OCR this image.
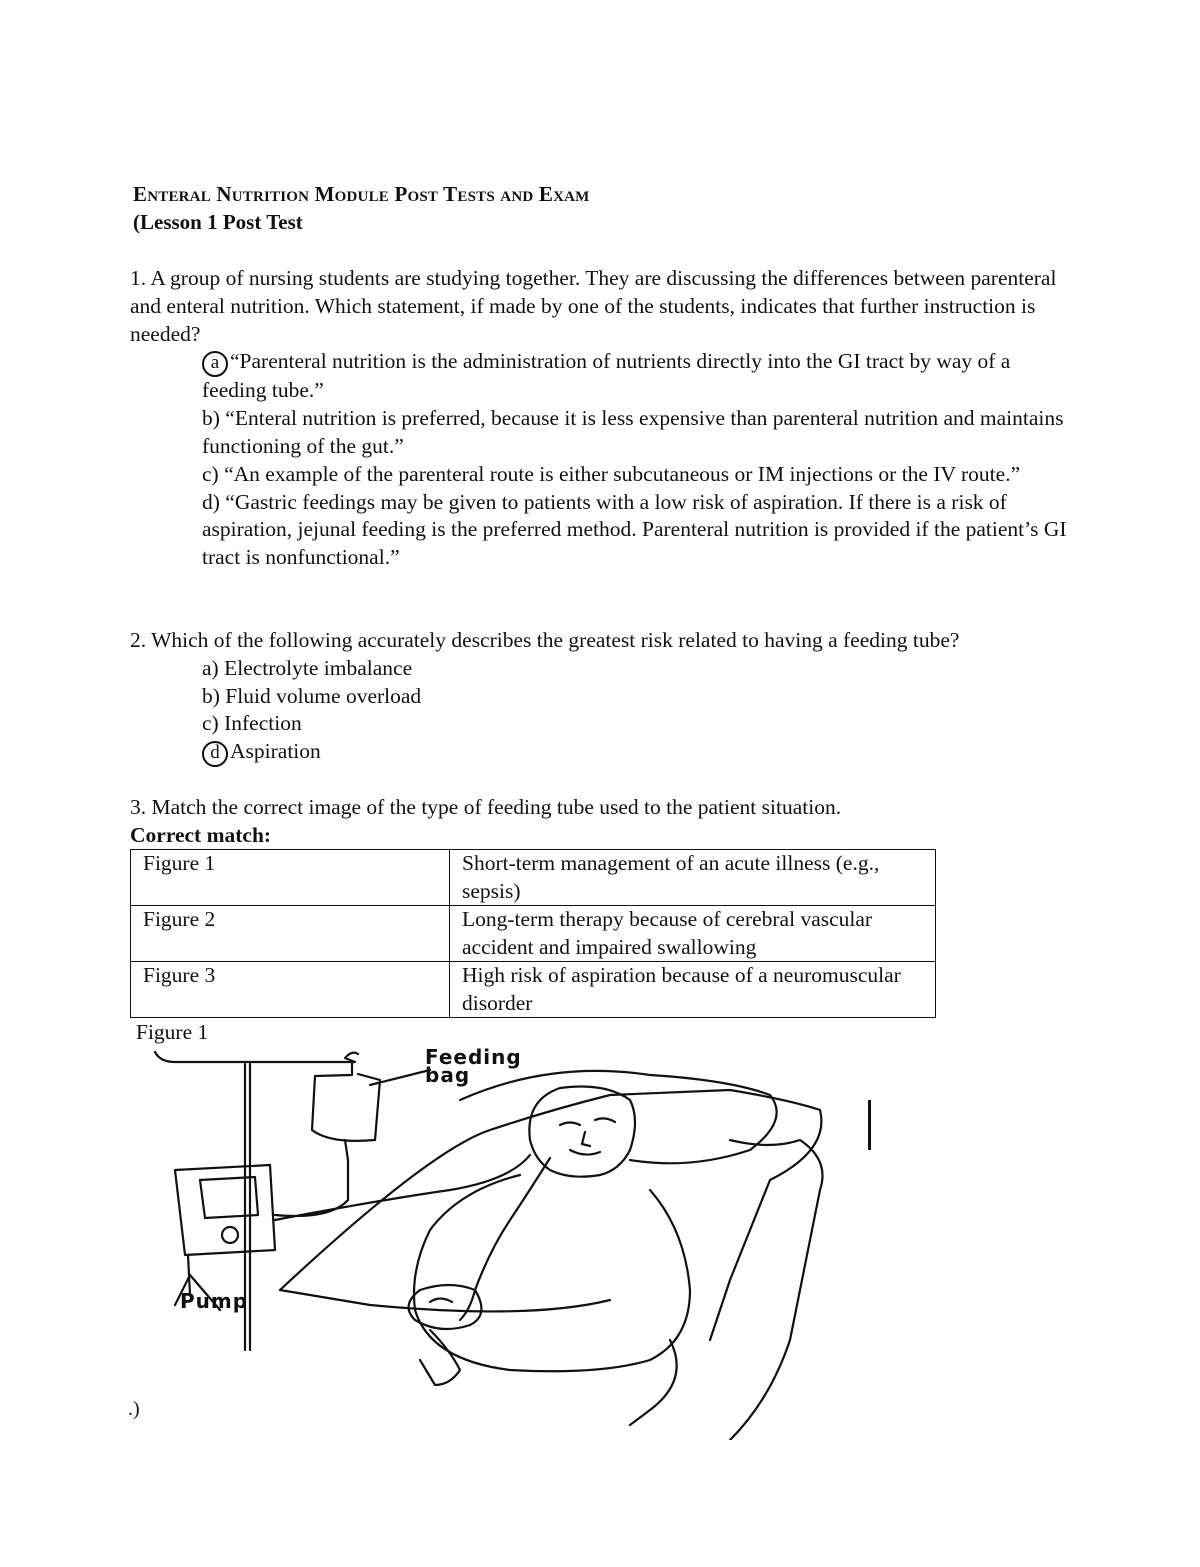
Enteral Nutrition Module Post Tests and Exam

(Lesson 1 Post Test

1. A group of nursing students are studying together. They are discussing the differences between parenteral and enteral nutrition. Which statement, if made by one of the students, indicates that further instruction is needed?

a “Parenteral nutrition is the administration of nutrients directly into the GI tract by way of a feeding tube.”
b) “Enteral nutrition is preferred, because it is less expensive than parenteral nutrition and maintains functioning of the gut.”
c) “An example of the parenteral route is either subcutaneous or IM injections or the IV route.”
d) “Gastric feedings may be given to patients with a low risk of aspiration. If there is a risk of aspiration, jejunal feeding is the preferred method. Parenteral nutrition is provided if the patient’s GI tract is nonfunctional.”

2. Which of the following accurately describes the greatest risk related to having a feeding tube?

a) Electrolyte imbalance
b) Fluid volume overload
c) Infection
d Aspiration

3. Match the correct image of the type of feeding tube used to the patient situation.

Correct match:

Figure 1	Short-term management of an acute illness (e.g., sepsis)
Figure 2	Long-term therapy because of cerebral vascular accident and impaired swallowing
Figure 3	High risk of aspiration because of a neuromuscular disorder
Figure 1
Feeding
bag
Pump
.)
